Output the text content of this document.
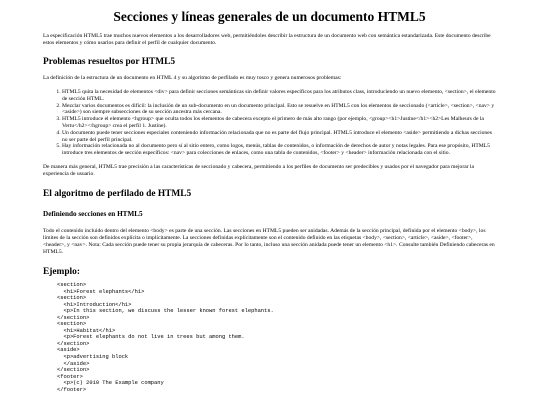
Secciones y líneas generales de un documento HTML5

La especificación HTML5 trae muchos nuevos elementos a los desarrolladores web, permitiéndoles describir la estructura de un documento web con semántica estandarizada. Este documento describe estos elementos y cómo usarlos para definir el perfil de cualquier documento.

Problemas resueltos por HTML5

La definición de la estructura de un documento en HTML 4 y su algoritmo de perfilado es muy tosco y genera numerosos problemas:

1. HTML5 quita la necesidad de elementos <div> para definir secciones semánticas sin definir valores específicos para los atributos class, introduciendo un nuevo elemento, <section>, el elemento de sección HTML.
2. Mezclar varios documentos es difícil: la inclusión de un sub-documento en un documento principal. Esto se resuelve en HTML5 con los elementos de seccionado (<article>, <section>, <nav> y <aside>) son siempre subsecciones de su sección ancestra más cercana.
3. HTML5 introduce el elemento <hgroup> que oculta todos los elementos de cabecera excepto el primero de más alto rango (por ejemplo, <group><h1>Justine</h1><h2>Les Malheurs de la Vertu</h2></hgroup> crea el perfil 1. Justine).
4. Un documento puede tener secciones especiales conteniendo información relacionada que no es parte del flujo principal. HTML5 introduce el elemento <aside> permitiendo a dichas secciones no ser parte del perfil principal.
5. Hay información relacionada no al documento pero sí al sitio entero, como logos, menús, tablas de contenidos, o información de derechos de autor y notas legales. Para ese propósito, HTML5 introduce tres elementos de sección específicos: <nav> para colecciones de enlaces, como una tabla de contenidos, <footer> y <header> información relacionada con el sitio.

De manera más general, HTML5 trae precisión a las características de seccionado y cabecera, permitiendo a los perfiles de documento ser predecibles y usados por el navegador para mejorar la experiencia de usuario.

El algoritmo de perfilado de HTML5
Definiendo secciones en HTML5

Todo el contenido incluido dentro del elemento <body> es parte de una sección. Las secciones en HTML5 pueden ser anidadas. Además de la sección principal, definida por el elemento <body>, los límites de la sección son definidos explícita o implícitamente. La secciones definidas explícitamente son el contenido definido en las etiquetas <body>, <section>, <article>, <aside>, <footer>, <header>, y <nav>. Nota: Cada sección puede tener su propia jerarquía de cabeceras. Por lo tanto, incluso una sección anidada puede tener un elemento <h1>. Consulte también Definiendo cabeceras en HTML5.

Ejemplo:
<section>
<h1>Forest elephants</h1>
<section>
<h1>Introduction</h1>
<p>In this section, we discuss the lesser known forest elephants.
</section>
<section>
<h1>Habitat</h1>
<p>Forest elephants do not live in trees but among them.
</section>
<aside>
<p>advertising block
</aside>
</section>
<footer>
<p>(c) 2010 The Example company
</footer>
